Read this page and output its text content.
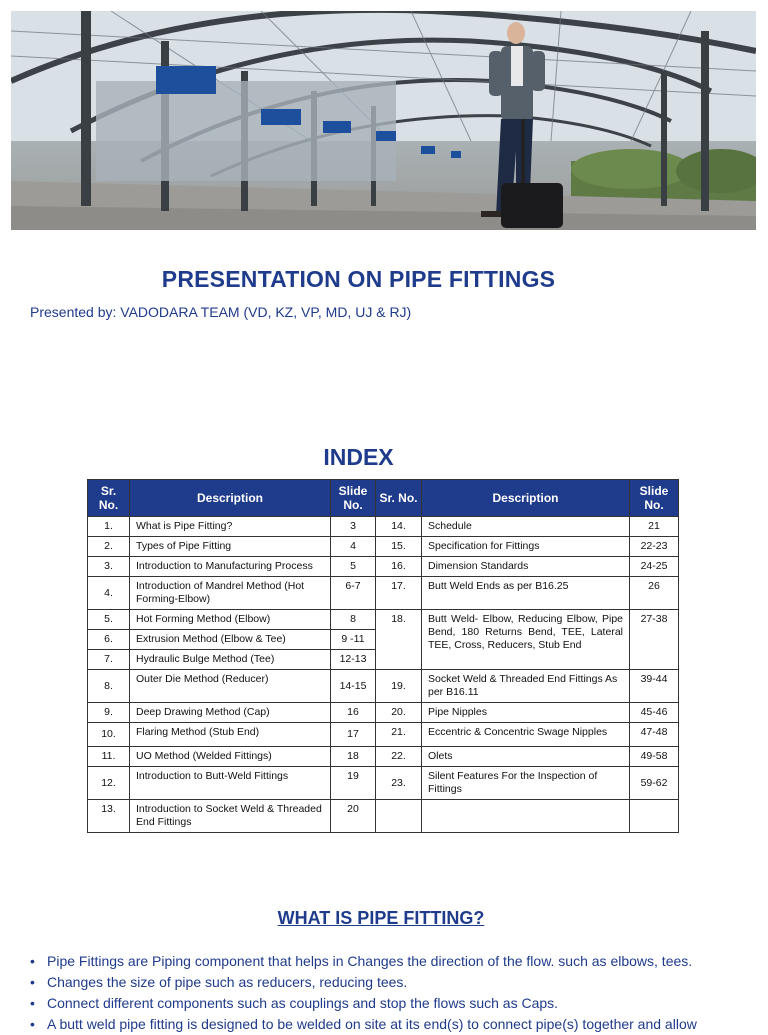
PRESENTATION ON PIPE FITTINGS
Presented by: VADODARA TEAM (VD, KZ, VP, MD, UJ & RJ)
INDEX
Sr. No.	Description	Slide No.	Sr. No.	Description	Slide No.
1.	What is Pipe Fitting?	3	14.	Schedule	21
2.	Types of Pipe Fitting	4	15.	Specification for Fittings	22-23
3.	Introduction to Manufacturing Process	5	16.	Dimension Standards	24-25
4.	Introduction of Mandrel Method (Hot Forming-Elbow)	6-7	17.	Butt Weld Ends as per B16.25	26
5.	Hot Forming Method (Elbow)	8	18.	Butt Weld- Elbow, Reducing Elbow, Pipe Bend, 180 Returns Bend, TEE, Lateral TEE, Cross, Reducers, Stub End	27-38
6.	Extrusion Method (Elbow & Tee)	9 -11			
7.	Hydraulic Bulge Method (Tee)	12-13			
8.	Outer Die Method (Reducer)	14-15	19.	Socket Weld & Threaded End Fittings As per B16.11	39-44
9.	Deep Drawing Method (Cap)	16	20.	Pipe Nipples	45-46
10.	Flaring Method (Stub End)	17	21.	Eccentric & Concentric Swage Nipples	47-48
11.	UO Method (Welded Fittings)	18	22.	Olets	49-58
12.	Introduction to Butt-Weld Fittings	19	23.	Silent Features For the Inspection of Fittings	59-62
13.	Introduction to Socket Weld & Threaded End Fittings	20			
WHAT IS PIPE FITTING?
• Pipe Fittings are Piping component that helps in Changes the direction of the flow. such as elbows, tees.
• Changes the size of pipe such as reducers, reducing tees.
• Connect different components such as couplings and stop the flows such as Caps.
• A butt weld pipe fitting is designed to be welded on site at its end(s) to connect pipe(s) together and allow
